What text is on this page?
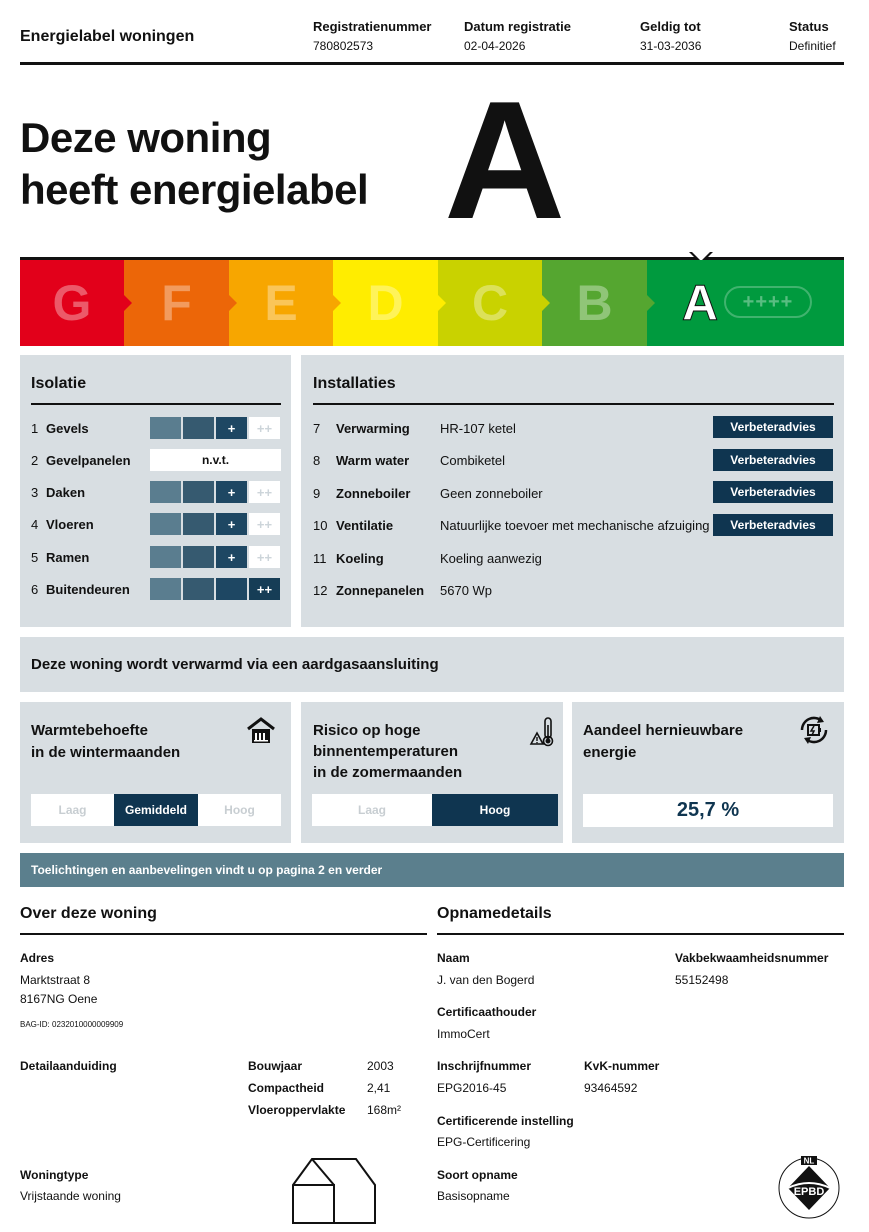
Energielabel woningen
Registratienummer
780802573
Datum registratie
02-04-2026
Geldig tot
31-03-2036
Status
Definitief
Deze woning
heeft energielabel A
G F E D C B A	++++
Isolatie
1 Gevels	+	++
2 Gevelpanelen	n.v.t.
3 Daken	+	++
4 Vloeren	+	++
5 Ramen	+	++
6 Buitendeuren	++
Installaties
7 Verwarming HR-107 ketel	Verbeteradvies
8 Warm water Combiketel	Verbeteradvies
9 Zonneboiler Geen zonneboiler	Verbeteradvies
10 Ventilatie	Natuurlijke toevoer met mechanische afzuiging	Verbeteradvies
11 Koeling	Koeling aanwezig
12 Zonnepanelen 5670 Wp
Deze woning wordt verwarmd via een aardgasaansluiting
Warmtebehoefte
in de wintermaanden
Laag	Gemiddeld	Hoog
Risico op hoge
binnentemperaturen
in de zomermaanden
Laag	Hoog
Aandeel hernieuwbare
energie
25,7 %
Toelichtingen en aanbevelingen vindt u op pagina 2 en verder
Over deze woning
Adres
Marktstraat 8
8167NG Oene
BAG-ID: 0232010000009909
Detailaanduiding	Bouwjaar	2003
Compactheid	2,41
Vloeroppervlakte 168m²
Woningtype
Vrijstaande woning
Opnamedetails
Naam
J. van den Bogerd
Vakbekwaamheidsnummer
55152498
Certificaathouder
ImmoCert
Inschrijfnummer
EPG2016-45
KvK-nummer
93464592
Certificerende instelling
EPG-Certificering
Soort opname
Basisopname	EPBD
NL
